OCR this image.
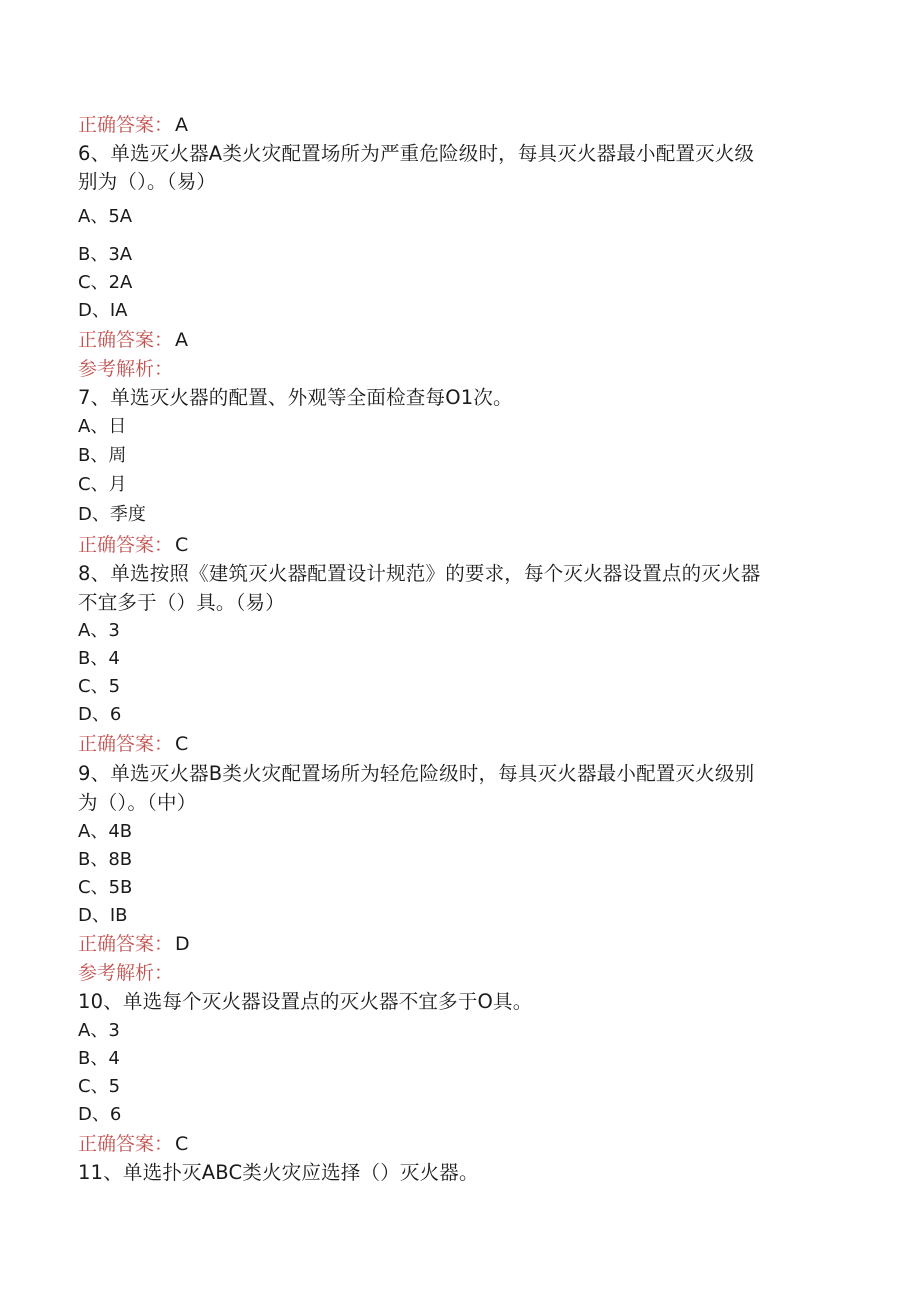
正确答案： A
6、单选灭火器A类火灾配置场所为严重危险级时，每具灭火器最小配置灭火级
别为（）。（易）
A、5A
B、3A
C、2A
D、IA
正确答案： A
参考解析：
7、单选灭火器的配置、外观等全面检查每O1次。
A、日
B、周
C、月
D、季度
正确答案： C
8、单选按照《建筑灭火器配置设计规范》的要求，每个灭火器设置点的灭火器
不宜多于（）具。（易）
A、3
B、4
C、5
D、6
正确答案： C
9、单选灭火器B类火灾配置场所为轻危险级时，每具灭火器最小配置灭火级别
为（）。（中）
A、4B
B、8B
C、5B
D、IB
正确答案： D
参考解析：
10、单选每个灭火器设置点的灭火器不宜多于O具。
A、3
B、4
C、5
D、6
正确答案： C
11、单选扑灭ABC类火灾应选择（）灭火器。
